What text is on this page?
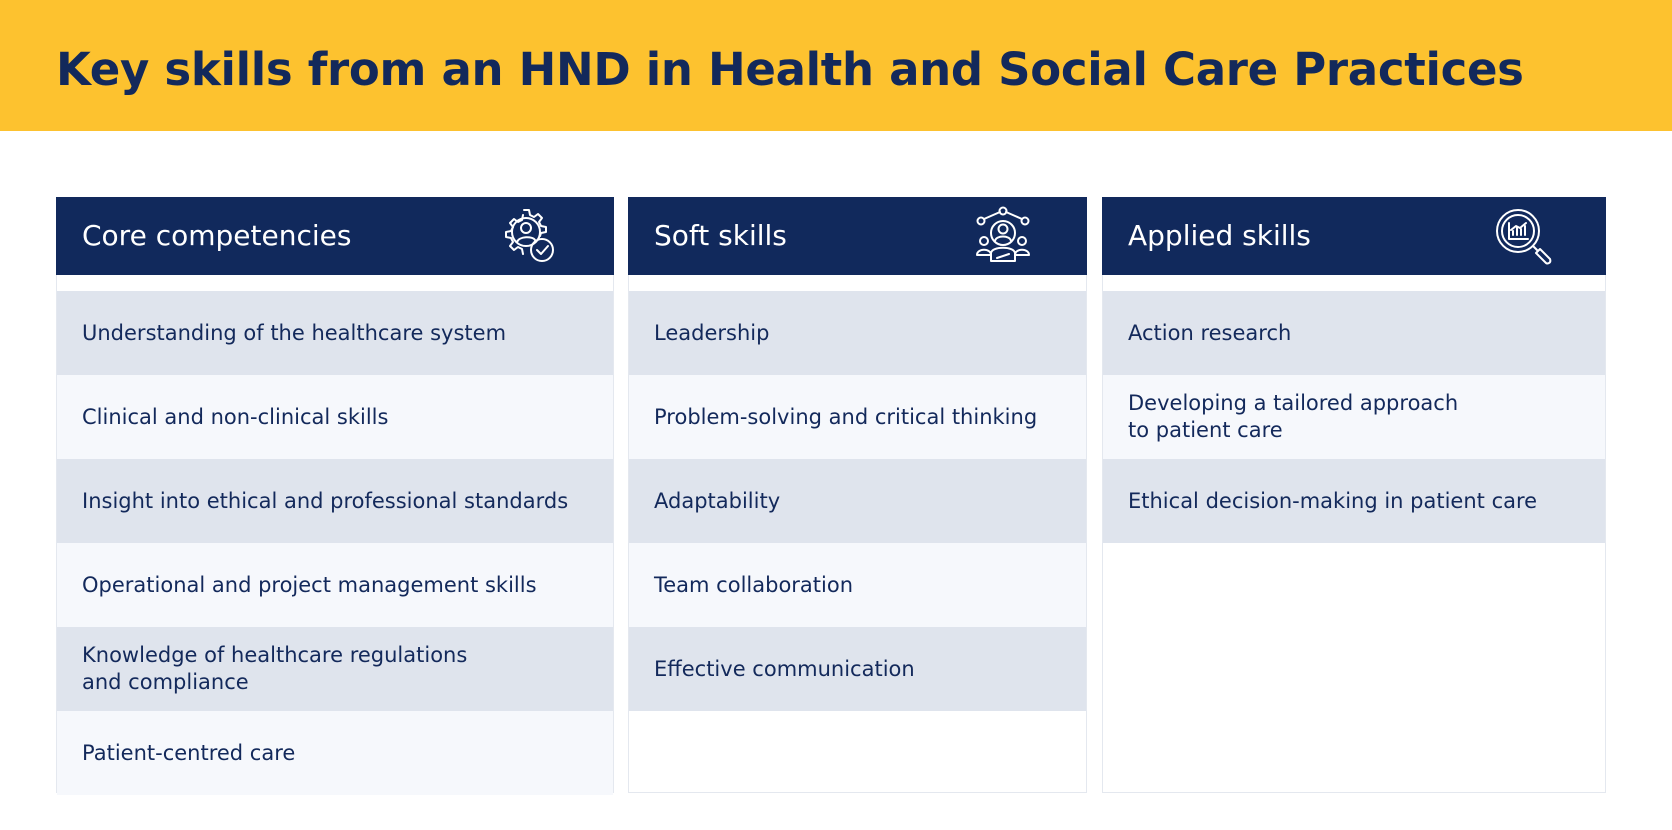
Key skills from an HND in Health and Social Care Practices
Core competencies
Understanding of the healthcare system
Clinical and non-clinical skills
Insight into ethical and professional standards
Operational and project management skills
Knowledge of healthcare regulations
and compliance
Patient-centred care
Soft skills
Leadership
Problem-solving and critical thinking
Adaptability
Team collaboration
Effective communication
Applied skills
Action research
Developing a tailored approach
to patient care
Ethical decision-making in patient care
